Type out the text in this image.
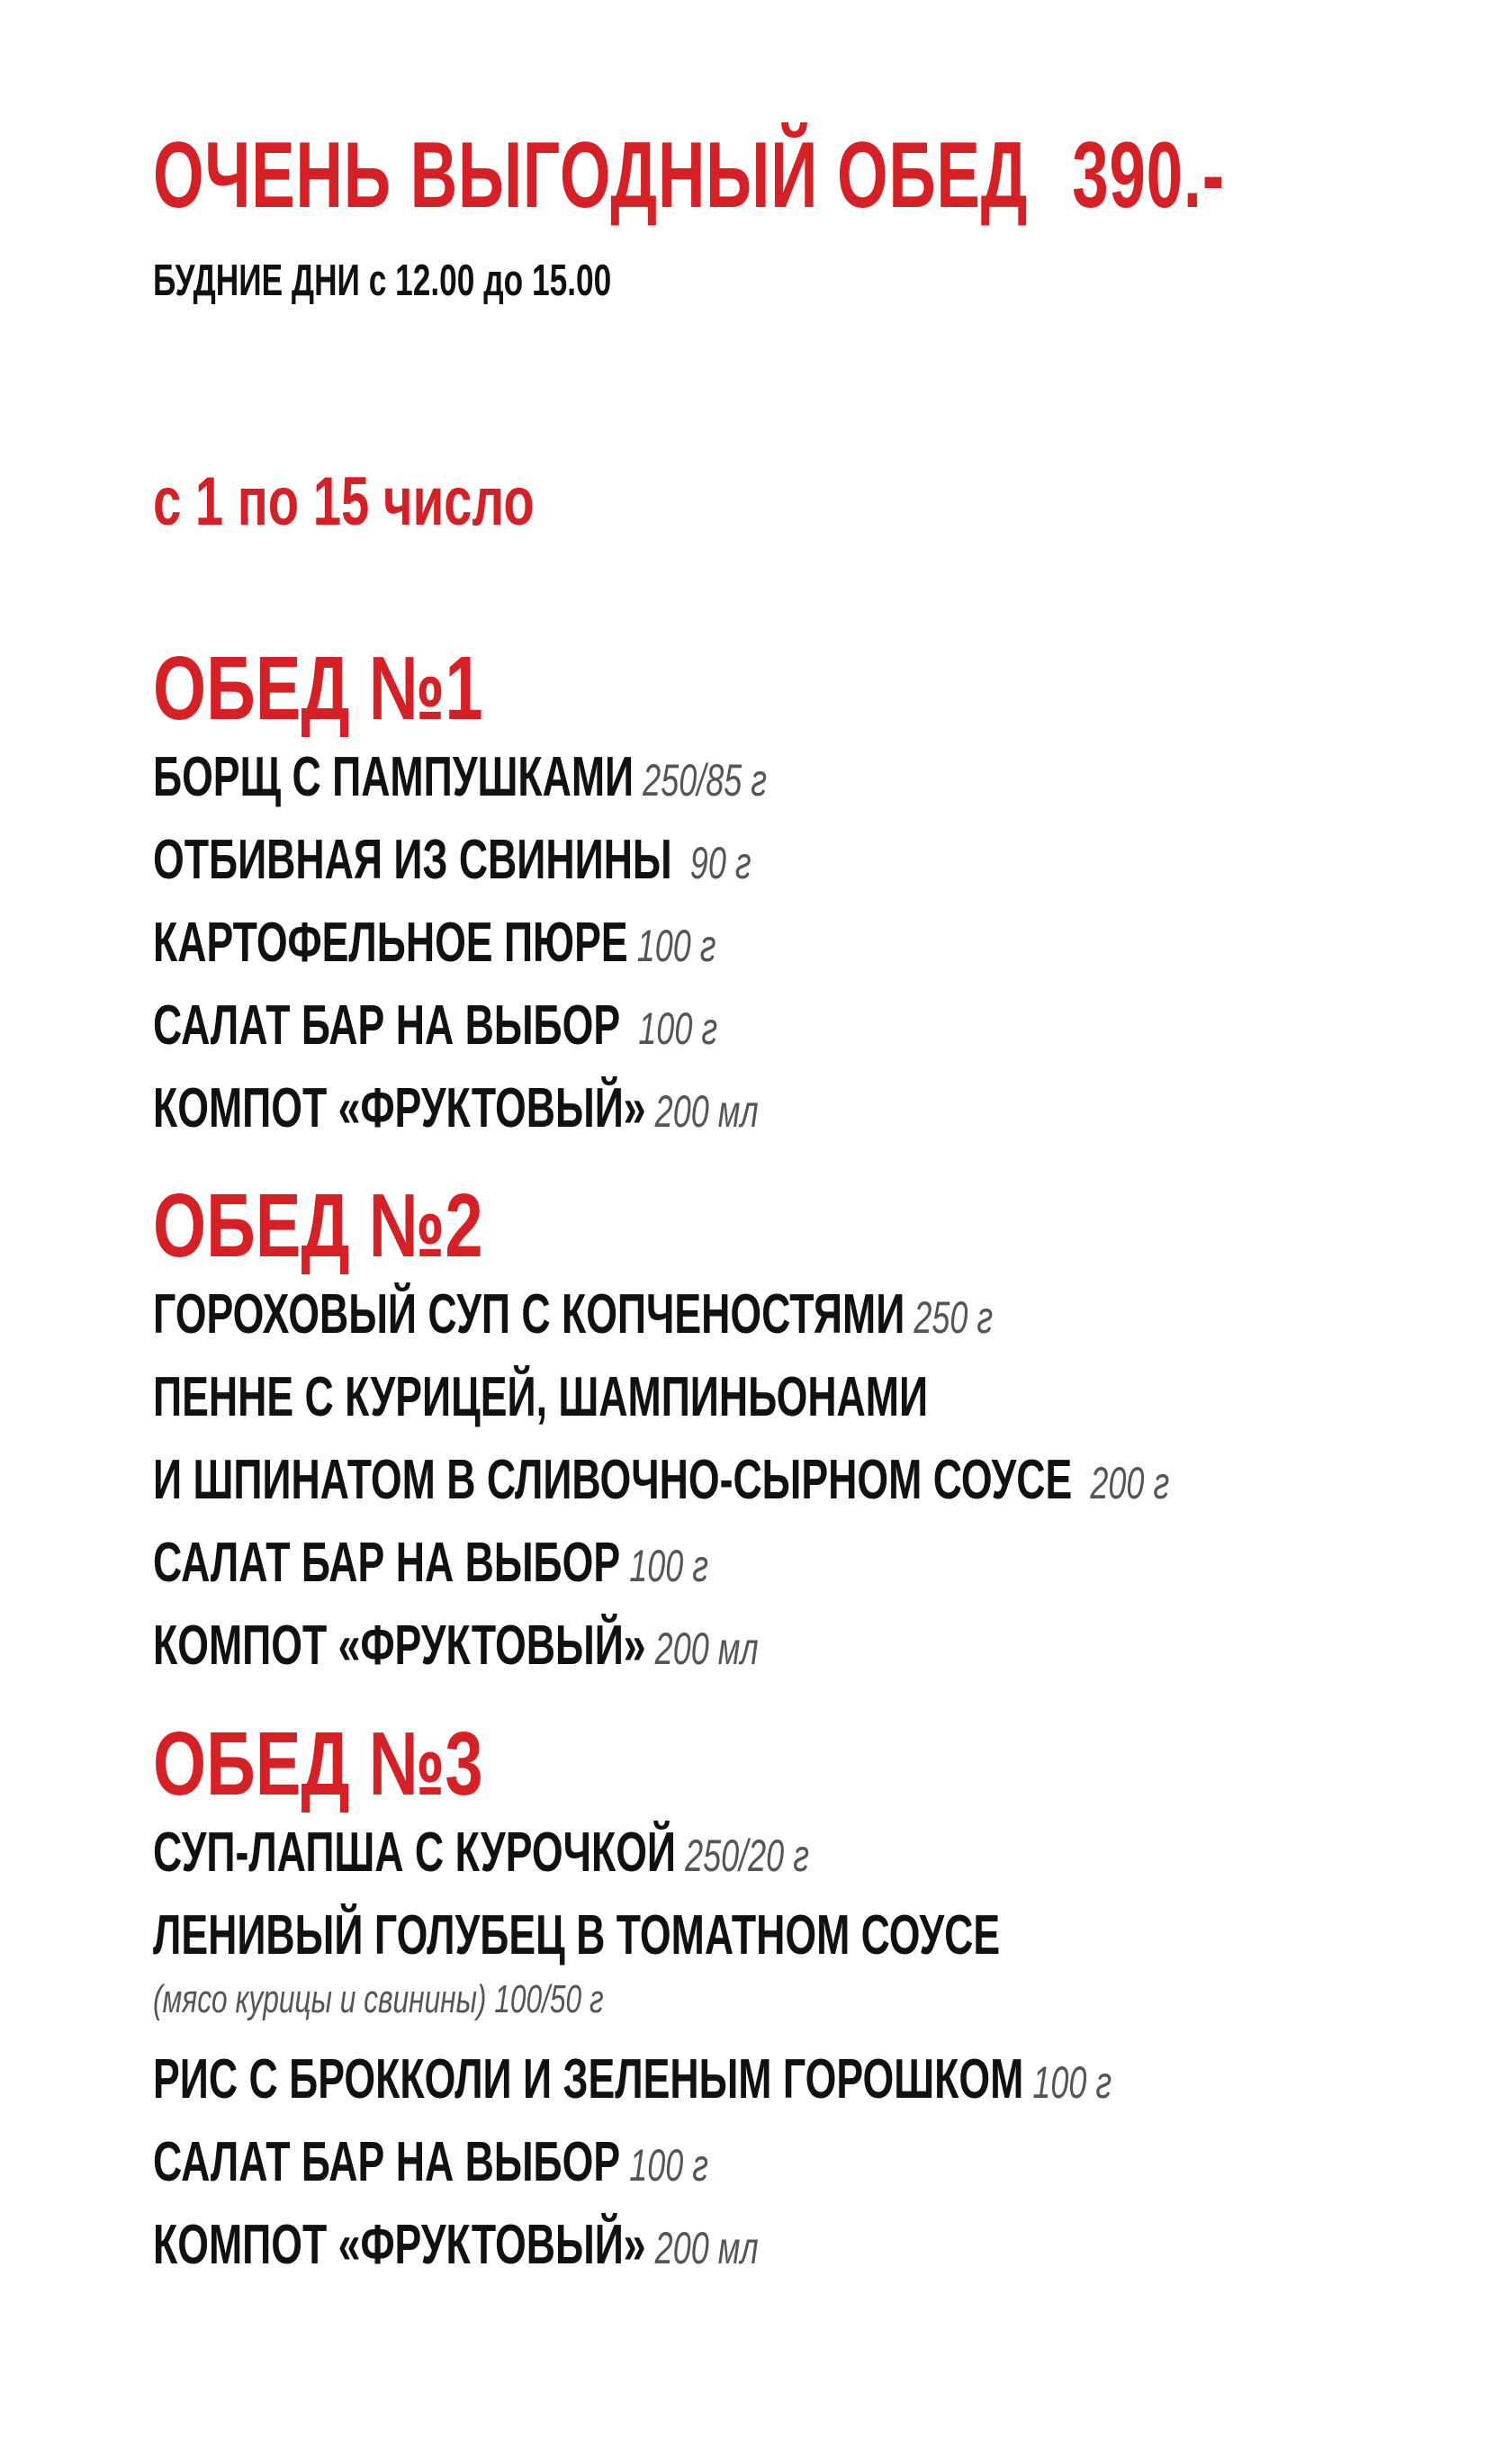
ОЧЕНЬ ВЫГОДНЫЙ ОБЕД 390.-
БУДНИЕ ДНИ с 12.00 до 15.00
с 1 по 15 число
ОБЕД №1
БОРЩ С ПАМПУШКАМИ 250/85 г
ОТБИВНАЯ ИЗ СВИНИНЫ 90 г
КАРТОФЕЛЬНОЕ ПЮРЕ 100 г
САЛАТ БАР НА ВЫБОР 100 г
КОМПОТ «ФРУКТОВЫЙ» 200 мл
ОБЕД №2
ГОРОХОВЫЙ СУП С КОПЧЕНОСТЯМИ 250 г
ПЕННЕ С КУРИЦЕЙ, ШАМПИНЬОНАМИ
И ШПИНАТОМ В СЛИВОЧНО-СЫРНОМ СОУСЕ 200 г
САЛАТ БАР НА ВЫБОР 100 г
КОМПОТ «ФРУКТОВЫЙ» 200 мл
ОБЕД №3
СУП-ЛАПША С КУРОЧКОЙ 250/20 г
ЛЕНИВЫЙ ГОЛУБЕЦ В ТОМАТНОМ СОУСЕ
(мясо курицы и свинины) 100/50 г
РИС С БРОККОЛИ И ЗЕЛЕНЫМ ГОРОШКОМ 100 г
САЛАТ БАР НА ВЫБОР 100 г
КОМПОТ «ФРУКТОВЫЙ» 200 мл
